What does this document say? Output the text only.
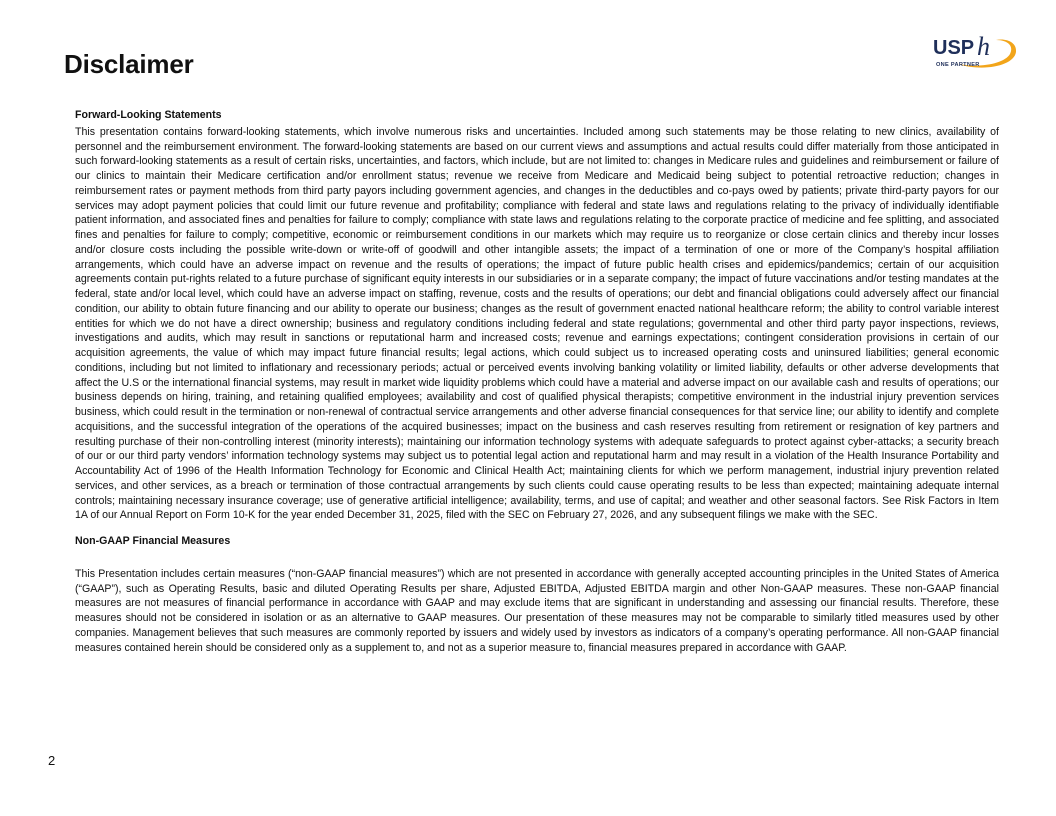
Disclaimer
USP h
ONE PARTNER

Forward-Looking Statements

This presentation contains forward-looking statements, which involve numerous risks and uncertainties. Included among such statements may be those relating to new clinics, availability of personnel and the reimbursement environment. The forward-looking statements are based on our current views and assumptions and actual results could differ materially from those anticipated in such forward-looking statements as a result of certain risks, uncertainties, and factors, which include, but are not limited to: changes in Medicare rules and guidelines and reimbursement or failure of our clinics to maintain their Medicare certification and/or enrollment status; revenue we receive from Medicare and Medicaid being subject to potential retroactive reduction; changes in reimbursement rates or payment methods from third party payors including government agencies, and changes in the deductibles and co-pays owed by patients; private third-party payors for our services may adopt payment policies that could limit our future revenue and profitability; compliance with federal and state laws and regulations relating to the privacy of individually identifiable patient information, and associated fines and penalties for failure to comply; compliance with state laws and regulations relating to the corporate practice of medicine and fee splitting, and associated fines and penalties for failure to comply; competitive, economic or reimbursement conditions in our markets which may require us to reorganize or close certain clinics and thereby incur losses and/or closure costs including the possible write-down or write-off of goodwill and other intangible assets; the impact of a termination of one or more of the Company’s hospital affiliation arrangements, which could have an adverse impact on revenue and the results of operations; the impact of future public health crises and epidemics/pandemics; certain of our acquisition agreements contain put-rights related to a future purchase of significant equity interests in our subsidiaries or in a separate company; the impact of future vaccinations and/or testing mandates at the federal, state and/or local level, which could have an adverse impact on staffing, revenue, costs and the results of operations; our debt and financial obligations could adversely affect our financial condition, our ability to obtain future financing and our ability to operate our business; changes as the result of government enacted national healthcare reform; the ability to control variable interest entities for which we do not have a direct ownership; business and regulatory conditions including federal and state regulations; governmental and other third party payor inspections, reviews, investigations and audits, which may result in sanctions or reputational harm and increased costs; revenue and earnings expectations; contingent consideration provisions in certain of our acquisition agreements, the value of which may impact future financial results; legal actions, which could subject us to increased operating costs and uninsured liabilities; general economic conditions, including but not limited to inflationary and recessionary periods; actual or perceived events involving banking volatility or limited liability, defaults or other adverse developments that affect the U.S or the international financial systems, may result in market wide liquidity problems which could have a material and adverse impact on our available cash and results of operations; our business depends on hiring, training, and retaining qualified employees; availability and cost of qualified physical therapists; competitive environment in the industrial injury prevention services business, which could result in the termination or non-renewal of contractual service arrangements and other adverse financial consequences for that service line; our ability to identify and complete acquisitions, and the successful integration of the operations of the acquired businesses; impact on the business and cash reserves resulting from retirement or resignation of key partners and resulting purchase of their non-controlling interest (minority interests); maintaining our information technology systems with adequate safeguards to protect against cyber-attacks; a security breach of our or our third party vendors’ information technology systems may subject us to potential legal action and reputational harm and may result in a violation of the Health Insurance Portability and Accountability Act of 1996 of the Health Information Technology for Economic and Clinical Health Act; maintaining clients for which we perform management, industrial injury prevention related services, and other services, as a breach or termination of those contractual arrangements by such clients could cause operating results to be less than expected; maintaining adequate internal controls; maintaining necessary insurance coverage; use of generative artificial intelligence; availability, terms, and use of capital; and weather and other seasonal factors. See Risk Factors in Item 1A of our Annual Report on Form 10-K for the year ended December 31, 2025, filed with the SEC on February 27, 2026, and any subsequent filings we make with the SEC.

Non-GAAP Financial Measures

This Presentation includes certain measures (“non-GAAP financial measures”) which are not presented in accordance with generally accepted accounting principles in the United States of America (“GAAP”), such as Operating Results, basic and diluted Operating Results per share, Adjusted EBITDA, Adjusted EBITDA margin and other Non-GAAP measures. These non-GAAP financial measures are not measures of financial performance in accordance with GAAP and may exclude items that are significant in understanding and assessing our financial results. Therefore, these measures should not be considered in isolation or as an alternative to GAAP measures. Our presentation of these measures may not be comparable to similarly titled measures used by other companies. Management believes that such measures are commonly reported by issuers and widely used by investors as indicators of a company’s operating performance. All non-GAAP financial measures contained herein should be considered only as a supplement to, and not as a superior measure to, financial measures prepared in accordance with GAAP.

2
